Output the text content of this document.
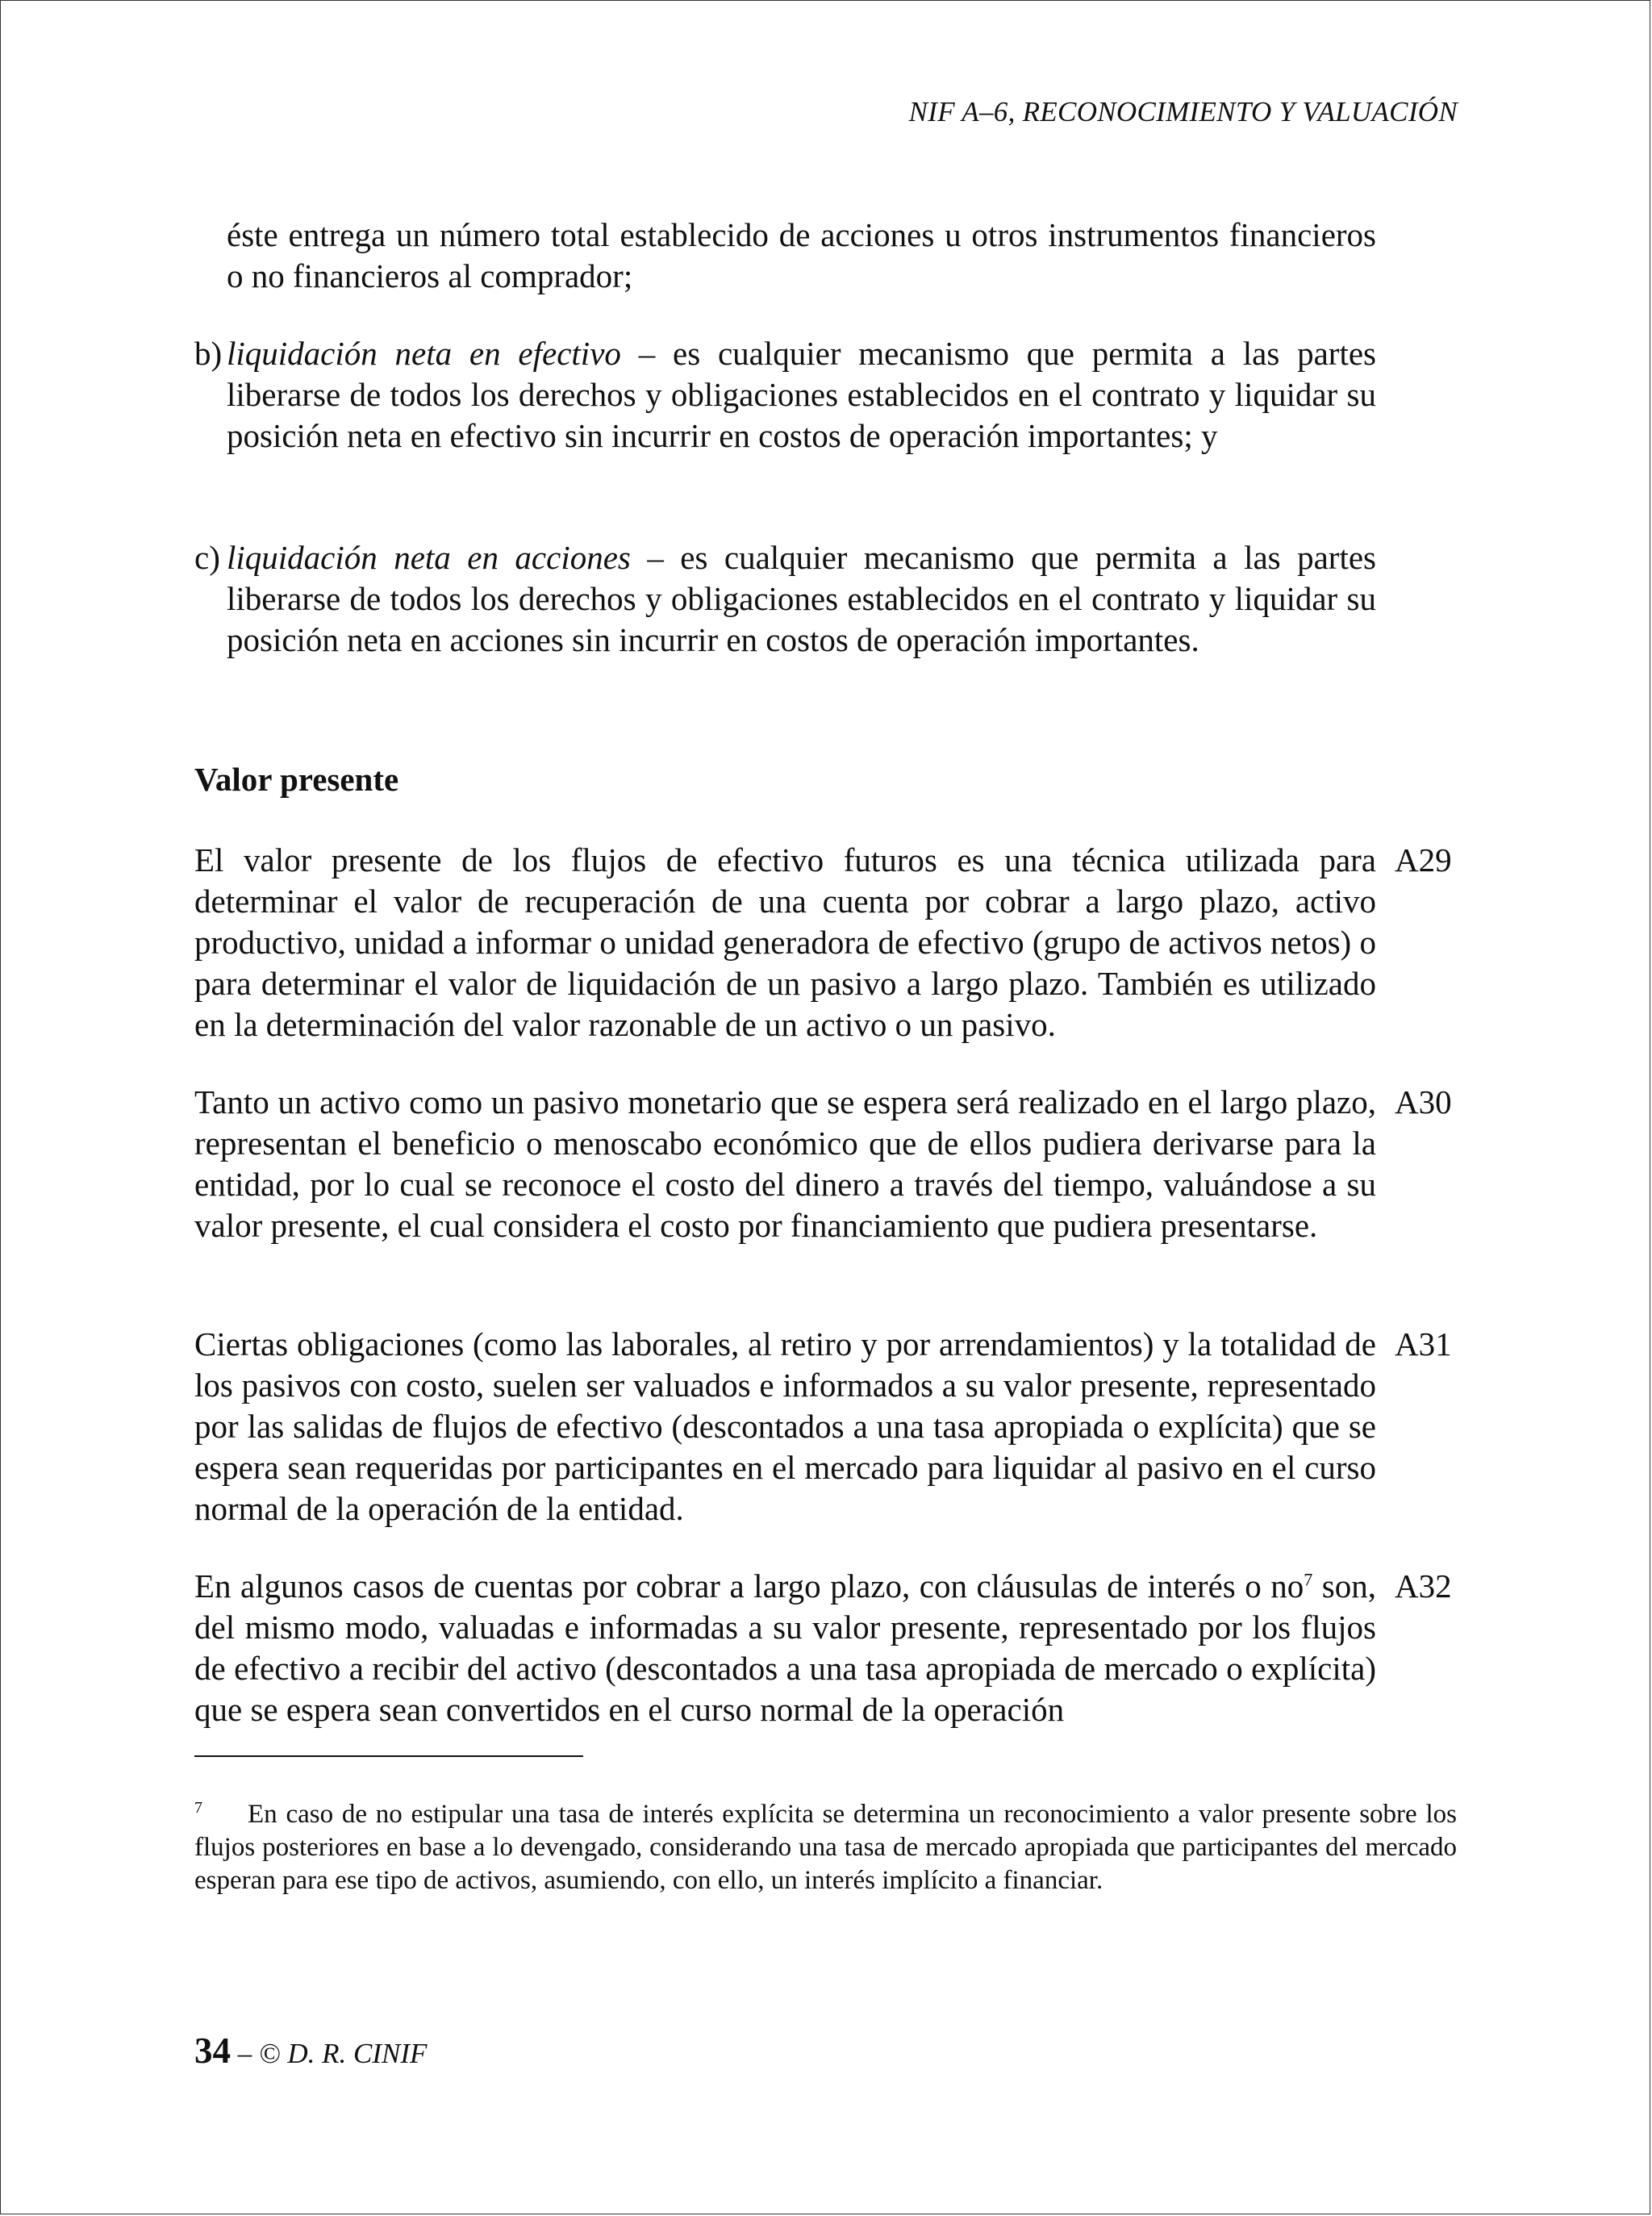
NIF A–6, RECONOCIMIENTO Y VALUACIÓN

éste entrega un número total establecido de acciones u otros instrumentos financieros o no financieros al comprador;

b) liquidación neta en efectivo – es cualquier mecanismo que permita a las partes liberarse de todos los derechos y obligaciones establecidos en el contrato y liquidar su posición neta en efectivo sin incurrir en costos de operación importantes; y

c) liquidación neta en acciones – es cualquier mecanismo que permita a las partes liberarse de todos los derechos y obligaciones establecidos en el contrato y liquidar su posición neta en acciones sin incurrir en costos de operación importantes.

Valor presente

El valor presente de los flujos de efectivo futuros es una técnica utilizada para determinar el valor de recuperación de una cuenta por cobrar a largo plazo, activo productivo, unidad a informar o unidad generadora de efectivo (grupo de activos netos) o para determinar el valor de liquidación de un pasivo a largo plazo. También es utilizado en la determinación del valor razonable de un activo o un pasivo.

A29

Tanto un activo como un pasivo monetario que se espera será realizado en el largo plazo, representan el beneficio o menoscabo económico que de ellos pudiera derivarse para la entidad, por lo cual se reconoce el costo del dinero a través del tiempo, valuándose a su valor presente, el cual considera el costo por financiamiento que pudiera presentarse.

A30

Ciertas obligaciones (como las laborales, al retiro y por arrendamientos) y la totalidad de los pasivos con costo, suelen ser valuados e informados a su valor presente, representado por las salidas de flujos de efectivo (descontados a una tasa apropiada o explícita) que se espera sean requeridas por participantes en el mercado para liquidar al pasivo en el curso normal de la operación de la entidad.

A31

En algunos casos de cuentas por cobrar a largo plazo, con cláusulas de interés o $no^7$ son, del mismo modo, valuadas e informadas a su valor presente, representado por los flujos de efectivo a recibir del activo (descontados a una tasa apropiada de mercado o explícita) que se espera sean convertidos en el curso normal de la operación

A32

$^7$ En caso de no estipular una tasa de interés explícita se determina un reconocimiento a valor presente sobre los flujos posteriores en base a lo devengado, considerando una tasa de mercado apropiada que participantes del mercado esperan para ese tipo de activos, asumiendo, con ello, un interés implícito a financiar.

34 – © D. R. CINIF
